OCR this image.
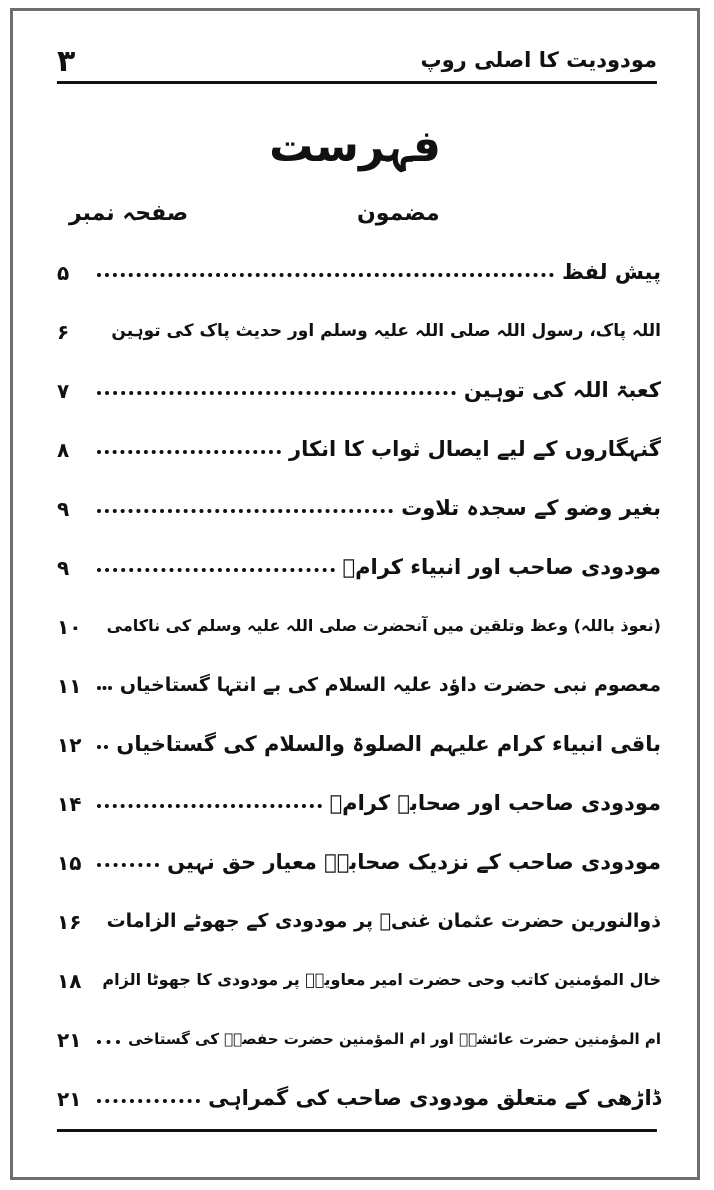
۳	مودودیت کا اصلی روپ
فہرست
صفحہ نمبر	مضمون
پیش لفظ
۵
اللہ پاک، رسول اللہ صلی اللہ علیہ وسلم اور حدیث پاک کی توہین
۶
کعبۃ اللہ کی توہین
۷
گنہگاروں کے لیے ایصال ثواب کا انکار
۸
بغیر وضو کے سجدہ تلاوت
۹
مودودی صاحب اور انبیاء کرامؑ
۹
(نعوذ باللہ) وعظ وتلقین میں آنحضرت صلی اللہ علیہ وسلم کی ناکامی
۱۰
معصوم نبی حضرت داؤد علیہ السلام کی بے انتہا گستاخیاں
۱۱
باقی انبیاء کرام علیہم الصلوۃ والسلام کی گستاخیاں
۱۲
مودودی صاحب اور صحابہ کرامؓ
۱۴
مودودی صاحب کے نزدیک صحابہؓ معیار حق نہیں
۱۵
ذوالنورین حضرت عثمان غنیؓ پر مودودی کے جھوٹے الزامات
۱۶
خال المؤمنین کاتب وحی حضرت امیر معاویہؓ پر مودودی کا جھوٹا الزام
۱۸
ام المؤمنین حضرت عائشہؓ اور ام المؤمنین حضرت حفصہؓ کی گستاخی
۲۱
ڈاڑھی کے متعلق مودودی صاحب کی گمراہی
۲۱
